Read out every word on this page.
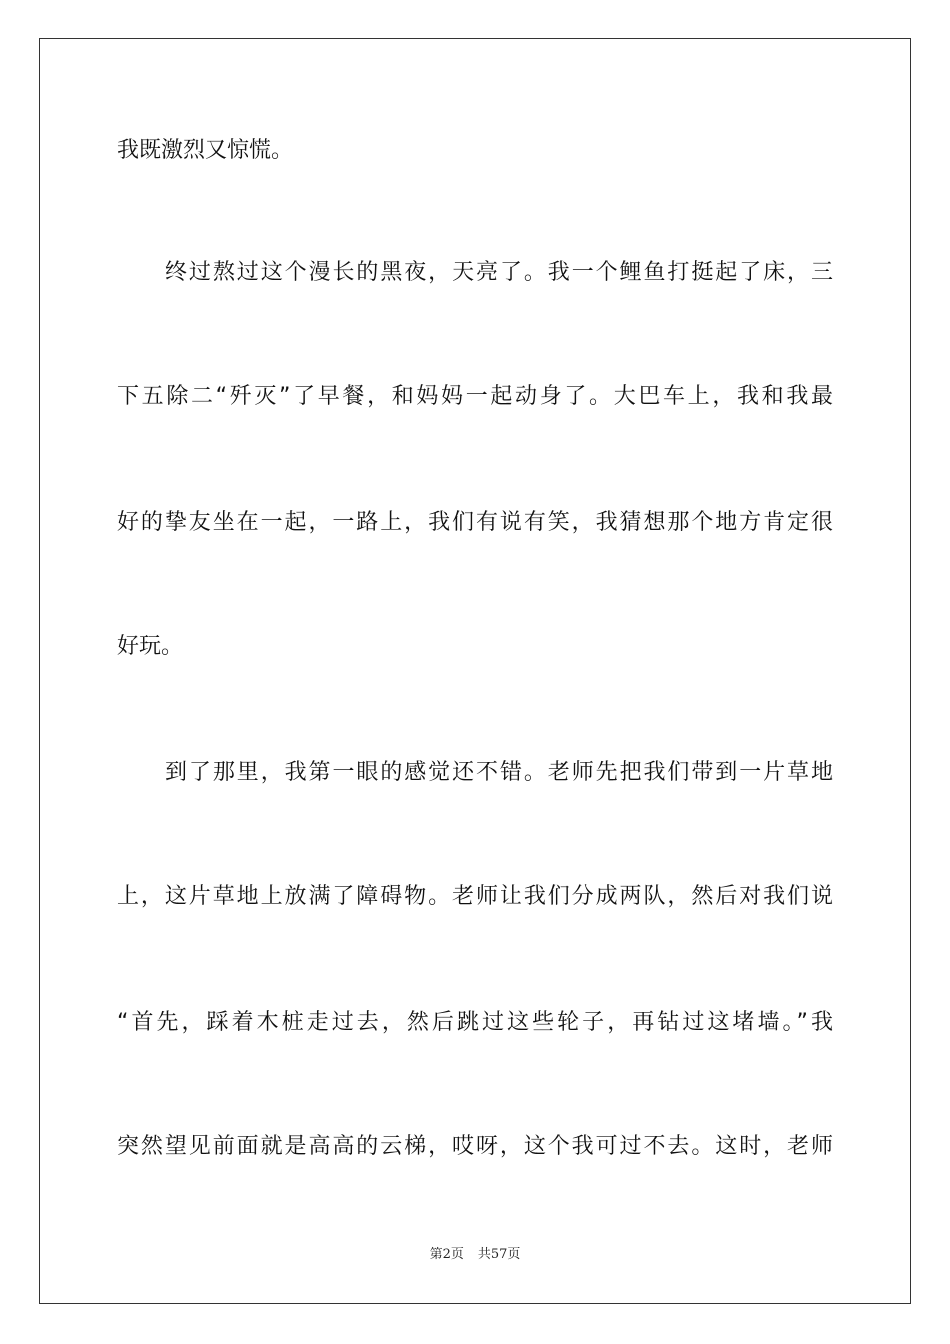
我既激烈又惊慌。
终过熬过这个漫长的黑夜，天亮了。我一个鲤鱼打挺起了床，三
下五除二“歼灭”了早餐，和妈妈一起动身了。大巴车上，我和我最
好的挚友坐在一起，一路上，我们有说有笑，我猜想那个地方肯定很
好玩。
到了那里，我第一眼的感觉还不错。老师先把我们带到一片草地
上，这片草地上放满了障碍物。老师让我们分成两队，然后对我们说
“首先，踩着木桩走过去，然后跳过这些轮子，再钻过这堵墙。”我
突然望见前面就是高高的云梯，哎呀，这个我可过不去。这时，老师
第2页 共57页
